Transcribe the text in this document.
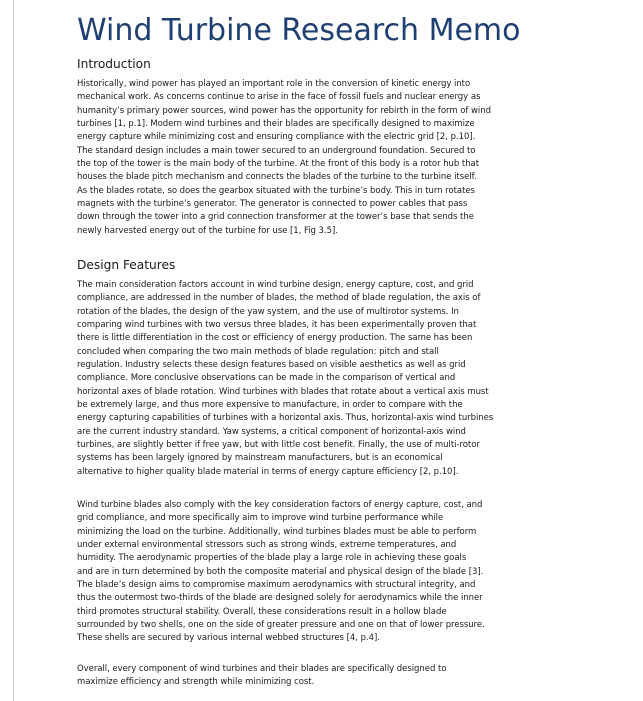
Wind Turbine Research Memo
Introduction

Historically, wind power has played an important role in the conversion of kinetic energy into
mechanical work. As concerns continue to arise in the face of fossil fuels and nuclear energy as
humanity’s primary power sources, wind power has the opportunity for rebirth in the form of wind
turbines [1, p.1]. Modern wind turbines and their blades are specifically designed to maximize
energy capture while minimizing cost and ensuring compliance with the electric grid [2, p.10].
The standard design includes a main tower secured to an underground foundation. Secured to
the top of the tower is the main body of the turbine. At the front of this body is a rotor hub that
houses the blade pitch mechanism and connects the blades of the turbine to the turbine itself.
As the blades rotate, so does the gearbox situated with the turbine’s body. This in turn rotates
magnets with the turbine’s generator. The generator is connected to power cables that pass
down through the tower into a grid connection transformer at the tower’s base that sends the
newly harvested energy out of the turbine for use [1, Fig 3.5].

Design Features

The main consideration factors account in wind turbine design, energy capture, cost, and grid
compliance, are addressed in the number of blades, the method of blade regulation, the axis of
rotation of the blades, the design of the yaw system, and the use of multirotor systems. In
comparing wind turbines with two versus three blades, it has been experimentally proven that
there is little differentiation in the cost or efficiency of energy production. The same has been
concluded when comparing the two main methods of blade regulation: pitch and stall
regulation. Industry selects these design features based on visible aesthetics as well as grid
compliance. More conclusive observations can be made in the comparison of vertical and
horizontal axes of blade rotation. Wind turbines with blades that rotate about a vertical axis must
be extremely large, and thus more expensive to manufacture, in order to compare with the
energy capturing capabilities of turbines with a horizontal axis. Thus, horizontal-axis wind turbines
are the current industry standard. Yaw systems, a critical component of horizontal-axis wind
turbines, are slightly better if free yaw, but with little cost benefit. Finally, the use of multi-rotor
systems has been largely ignored by mainstream manufacturers, but is an economical
alternative to higher quality blade material in terms of energy capture efficiency [2, p.10].

Wind turbine blades also comply with the key consideration factors of energy capture, cost, and
grid compliance, and more specifically aim to improve wind turbine performance while
minimizing the load on the turbine. Additionally, wind turbines blades must be able to perform
under external environmental stressors such as strong winds, extreme temperatures, and
humidity. The aerodynamic properties of the blade play a large role in achieving these goals
and are in turn determined by both the composite material and physical design of the blade [3].
The blade’s design aims to compromise maximum aerodynamics with structural integrity, and
thus the outermost two-thirds of the blade are designed solely for aerodynamics while the inner
third promotes structural stability. Overall, these considerations result in a hollow blade
surrounded by two shells, one on the side of greater pressure and one on that of lower pressure.
These shells are secured by various internal webbed structures [4, p.4].

Overall, every component of wind turbines and their blades are specifically designed to
maximize efficiency and strength while minimizing cost.
